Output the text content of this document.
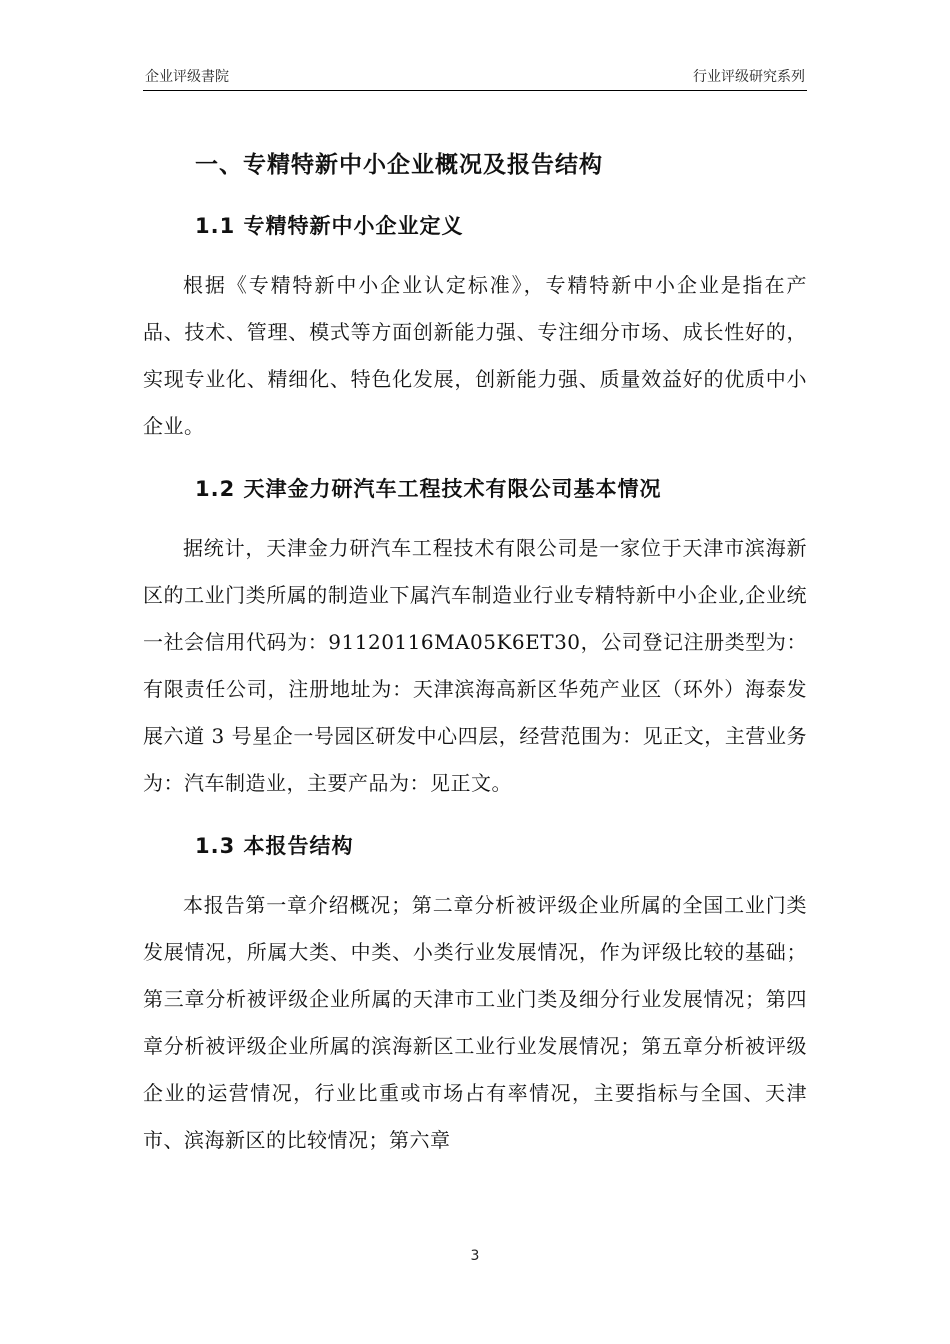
企业评级書院	行业评级研究系列
一、专精特新中小企业概况及报告结构
1.1 专精特新中小企业定义

根据《专精特新中小企业认定标准》，专精特新中小企业是指在产品、技术、管理、模式等方面创新能力强、专注细分市场、成长性好的，实现专业化、精细化、特色化发展，创新能力强、质量效益好的优质中小企业。

1.2 天津金力研汽车工程技术有限公司基本情况

据统计，天津金力研汽车工程技术有限公司是一家位于天津市滨海新区的工业门类所属的制造业下属汽车制造业行业专精特新中小企业,企业统一社会信用代码为：91120116MA05K6ET30，公司登记注册类型为：有限责任公司，注册地址为：天津滨海高新区华苑产业区（环外）海泰发展六道 3 号星企一号园区研发中心四层，经营范围为：见正文，主营业务为：汽车制造业，主要产品为：见正文。

1.3 本报告结构

本报告第一章介绍概况；第二章分析被评级企业所属的全国工业门类发展情况，所属大类、中类、小类行业发展情况，作为评级比较的基础；第三章分析被评级企业所属的天津市工业门类及细分行业发展情况；第四章分析被评级企业所属的滨海新区工业行业发展情况；第五章分析被评级企业的运营情况，行业比重或市场占有率情况，主要指标与全国、天津市、滨海新区的比较情况；第六章

3
